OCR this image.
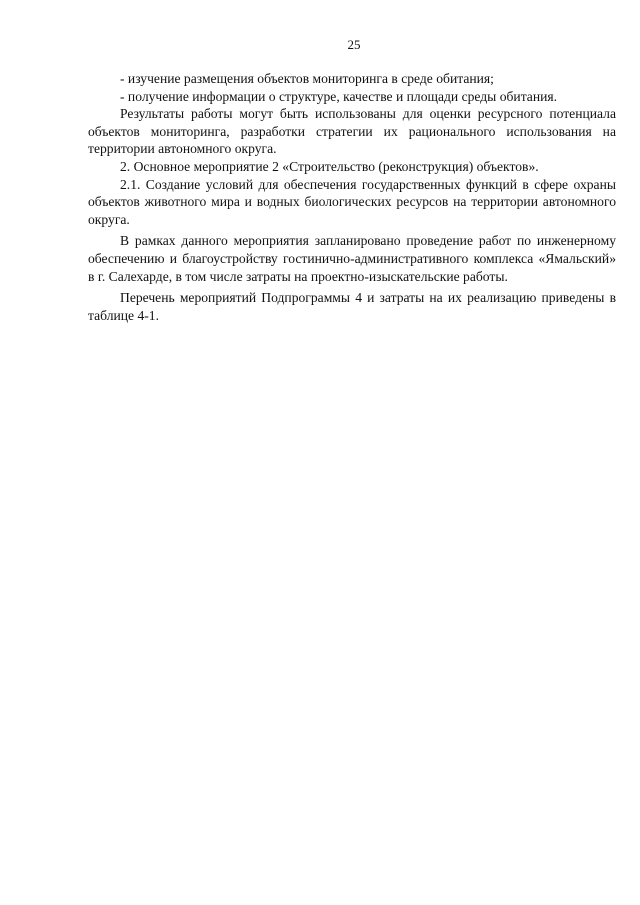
25

- изучение размещения объектов мониторинга в среде обитания;

- получение информации о структуре, качестве и площади среды обитания.

Результаты работы могут быть использованы для оценки ресурсного потенциала объектов мониторинга, разработки стратегии их рационального использования на территории автономного округа.

2. Основное мероприятие 2 «Строительство (реконструкция) объектов».

2.1. Создание условий для обеспечения государственных функций в сфере охраны объектов животного мира и водных биологических ресурсов на территории автономного округа.

В рамках данного мероприятия запланировано проведение работ по инженерному обеспечению и благоустройству гостинично-административного комплекса «Ямальский» в г. Салехарде, в том числе затраты на проектно-изыскательские работы.

Перечень мероприятий Подпрограммы 4 и затраты на их реализацию приведены в таблице 4-1.
